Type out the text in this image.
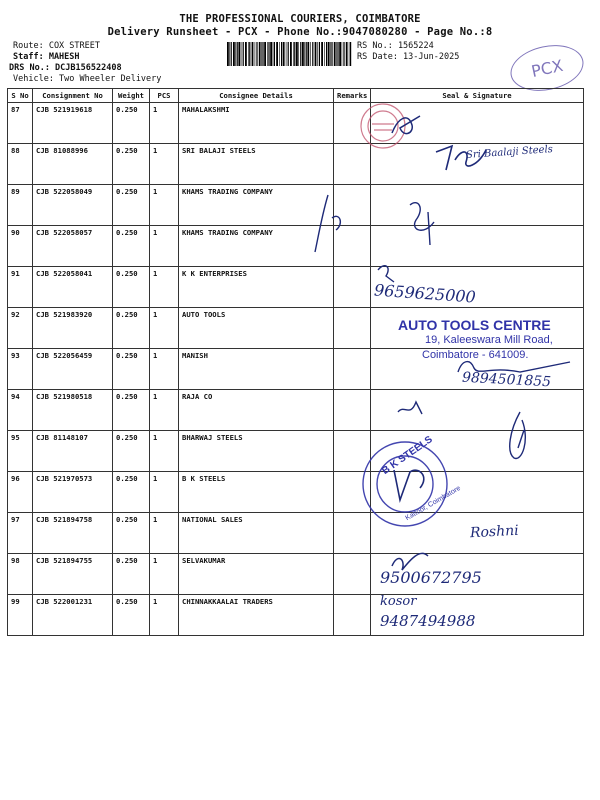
THE PROFESSIONAL COURIERS, COIMBATORE
Delivery Runsheet - PCX - Phone No.:9047080280 - Page No.:8
Route: COX STREET
Staff: MAHESH
DRS No.: DCJB156522408
Vehicle: Two Wheeler Delivery
RS No.: 1565224
RS Date: 13-Jun-2025	PCX
S No	Consignment No	Weight	PCS	Consignee Details	Remarks	Seal & Signature
87	CJB 521919618	0.250	1	MAHALAKSHMI		
88	CJB 81088996	0.250	1	SRI BALAJI STEELS		
89	CJB 522058049	0.250	1	KHAMS TRADING COMPANY		
90	CJB 522058057	0.250	1	KHAMS TRADING COMPANY		
91	CJB 522058041	0.250	1	K K ENTERPRISES		
92	CJB 521983920	0.250	1	AUTO TOOLS		
93	CJB 522056459	0.250	1	MANISH		
94	CJB 521980518	0.250	1	RAJA CO		
95	CJB 81148107	0.250	1	BHARWAJ STEELS		
96	CJB 521970573	0.250	1	B K STEELS		
97	CJB 521894758	0.250	1	NATIONAL SALES		
98	CJB 521894755	0.250	1	SELVAKUMAR		
99	CJB 522001231	0.250	1	CHINNAKKAALAI TRADERS		
Sri Baalaji Steels
9659625000
AUTO TOOLS CENTRE
19, Kaleeswara Mill Road,
Coimbatore - 641009.
9894501855
B K STEELS
Kattoor, Coimbatore
Roshni
9500672795
kosor
9487494988
